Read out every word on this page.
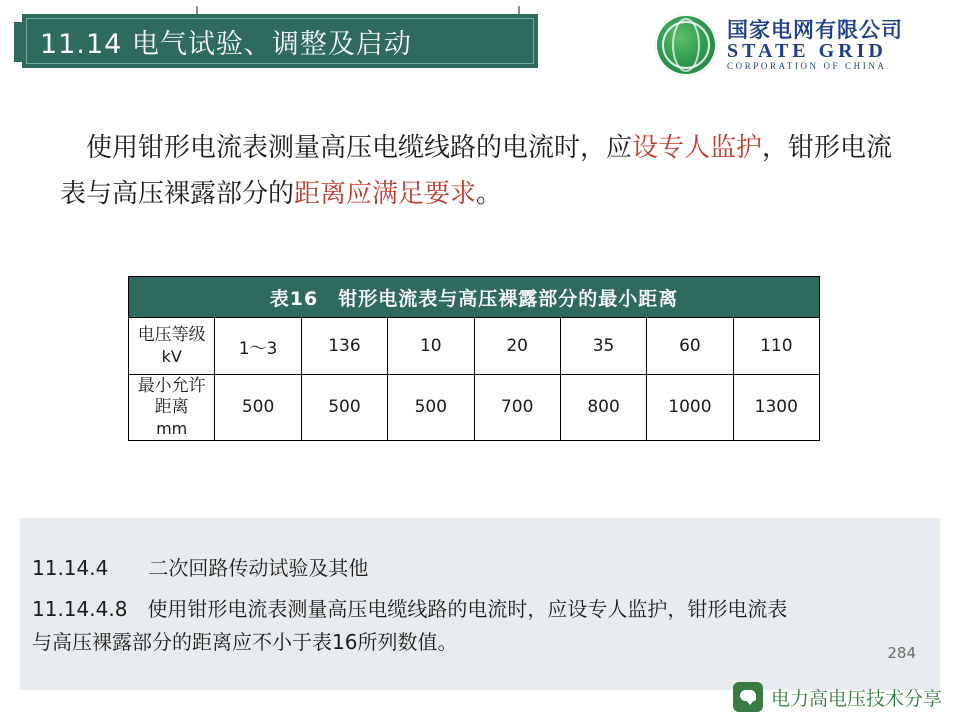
11.14 电气试验、调整及启动	国家电网有限公司
STATE GRID
CORPORATION OF CHINA
使用钳形电流表测量高压电缆线路的电流时，应设专人监护，钳形电流表与高压裸露部分的距离应满足要求。
表16　钳形电流表与高压裸露部分的最小距离							
电压等级
kV	1～3	136	10	20	35	60	110
最小允许距离
mm	500	500	500	700	800	1000	1300

11.14.4　　二次回路传动试验及其他

11.14.4.8　使用钳形电流表测量高压电缆线路的电流时，应设专人监护，钳形电流表

与高压裸露部分的距离应不小于表16所列数值。	284
电力高电压技术分享
